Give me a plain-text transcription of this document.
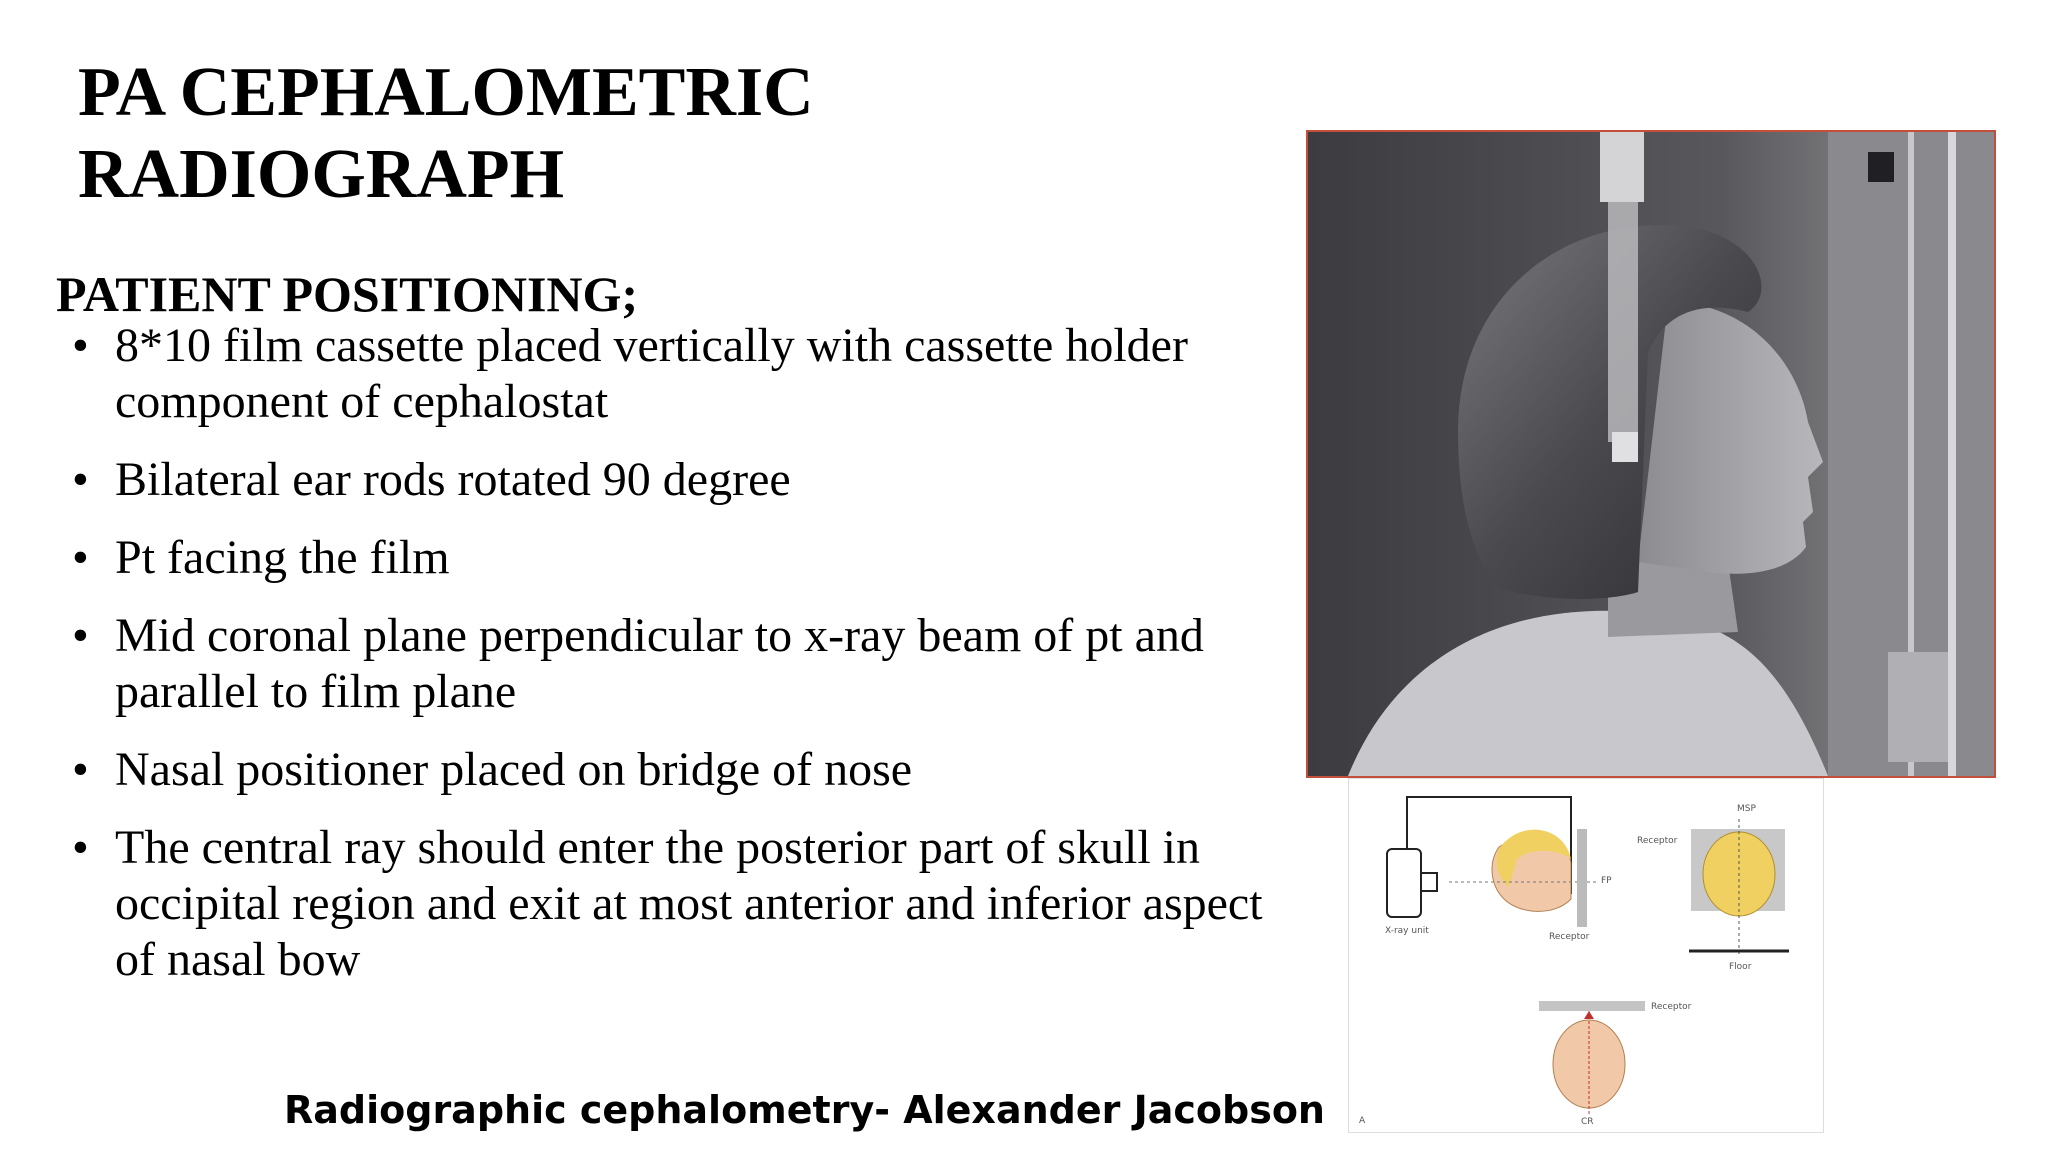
PA CEPHALOMETRIC
RADIOGRAPH
PATIENT POSITIONING;
• 8*10 film cassette placed vertically with cassette holder component of cephalostat
• Bilateral ear rods rotated 90 degree
• Pt facing the film
• Mid coronal plane perpendicular to x-ray beam of pt and parallel to film plane
• Nasal positioner placed on bridge of nose
• The central ray should enter the posterior part of skull in occipital region and exit at most anterior and inferior aspect of nasal bow

Radiographic cephalometry- Alexander Jacobson

X-ray unit
FP
Receptor
MSP
Receptor
Floor
Receptor
CR
A
